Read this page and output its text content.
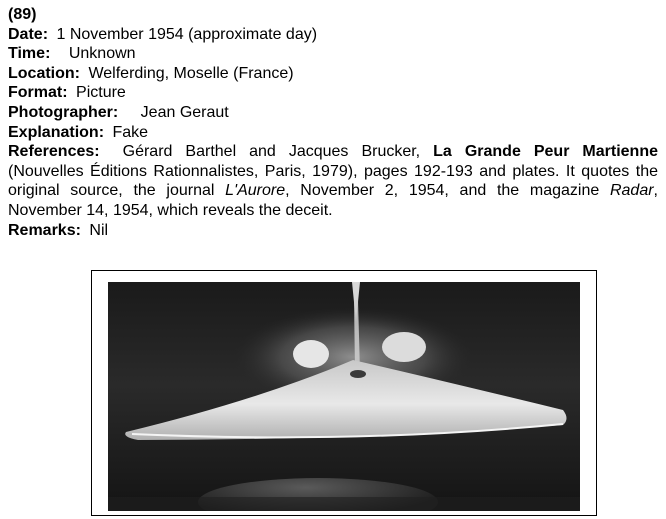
(89)
Date: 1 November 1954 (approximate day)
Time: Unknown
Location: Welferding, Moselle (France)
Format: Picture
Photographer: Jean Geraut
Explanation: Fake
References: Gérard Barthel and Jacques Brucker, La Grande Peur Martienne (Nouvelles Éditions Rationnalistes, Paris, 1979), pages 192-193 and plates. It quotes the original source, the journal L'Aurore, November 2, 1954, and the magazine Radar, November 14, 1954, which reveals the deceit.
Remarks: Nil
